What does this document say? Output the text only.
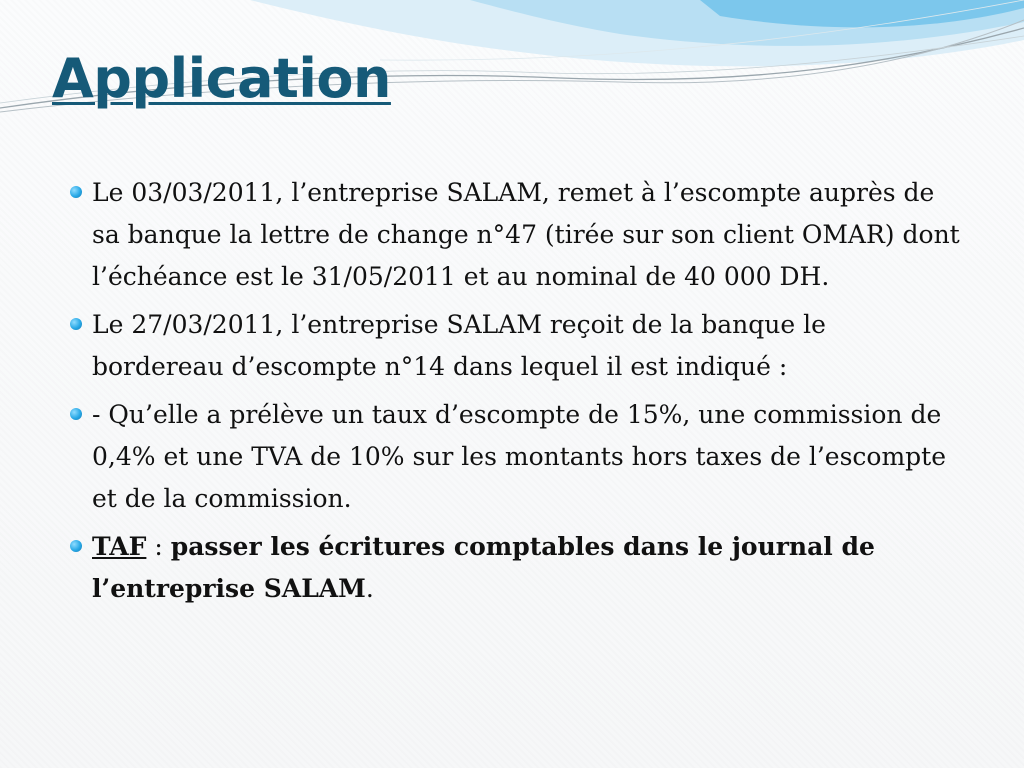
Application
Le 03/03/2011, l’entreprise SALAM, remet à l’escompte auprès de sa banque la lettre de change n°47 (tirée sur son client OMAR) dont l’échéance est le 31/05/2011 et au nominal de 40 000 DH.
Le 27/03/2011, l’entreprise SALAM reçoit de la banque le bordereau d’escompte n°14 dans lequel il est indiqué :
- Qu’elle a prélève un taux d’escompte de 15%, une commission de 0,4% et une TVA de 10% sur les montants hors taxes de l’escompte et de la commission.
TAF : passer les écritures comptables dans le journal de l’entreprise SALAM.
